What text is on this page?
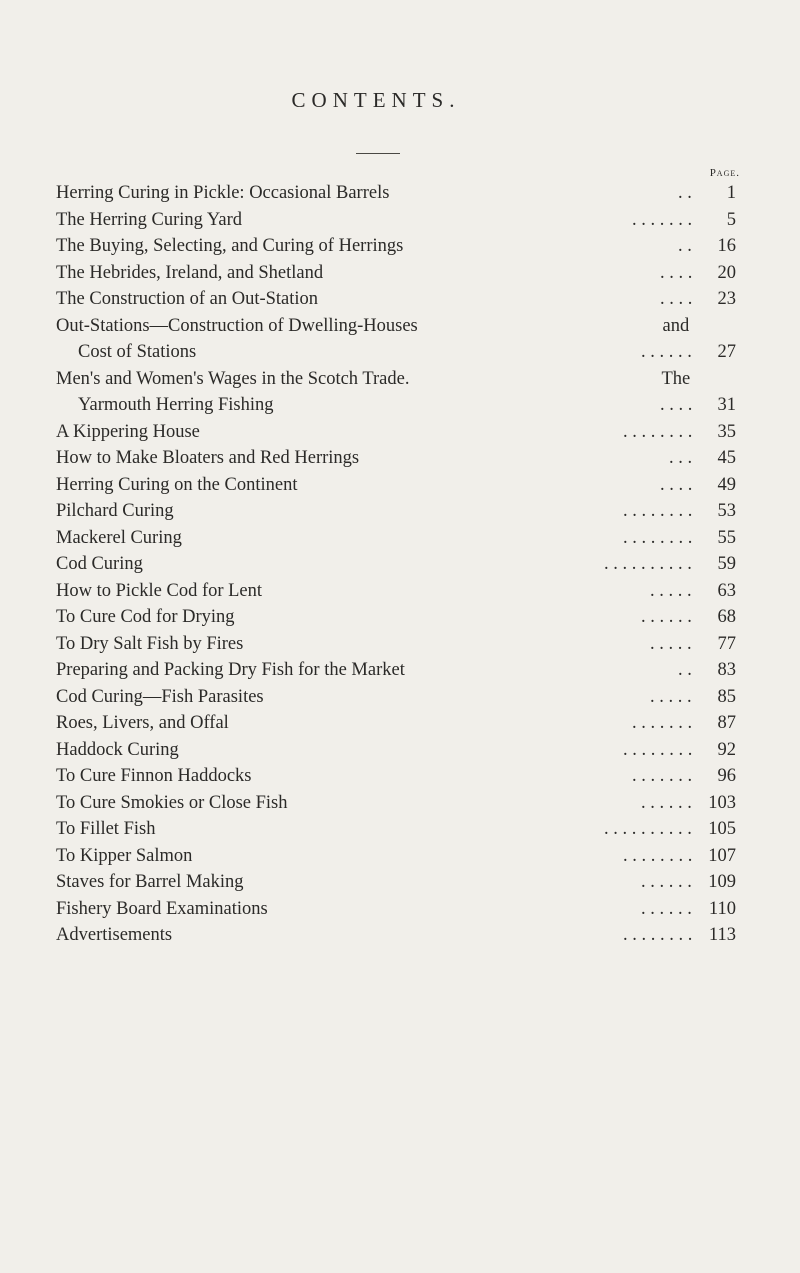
CONTENTS.
Page.
Herring Curing in Pickle: Occasional Barrels	. .	1
The Herring Curing Yard	. . . . . . .	5
The Buying, Selecting, and Curing of Herrings	. .	16
The Hebrides, Ireland, and Shetland	. . . .	20
The Construction of an Out-Station	. . . .	23
Out-Stations—Construction of Dwelling-Houses	and
Cost of Stations	. . . . . .	27
Men's and Women's Wages in the Scotch Trade.	The
Yarmouth Herring Fishing	. . . .	31
A Kippering House	. . . . . . . .	35
How to Make Bloaters and Red Herrings	. . .	45
Herring Curing on the Continent	. . . .	49
Pilchard Curing	. . . . . . . .	53
Mackerel Curing	. . . . . . . .	55
Cod Curing	. . . . . . . . . .	59
How to Pickle Cod for Lent	. . . . .	63
To Cure Cod for Drying	. . . . . .	68
To Dry Salt Fish by Fires	. . . . .	77
Preparing and Packing Dry Fish for the Market	. .	83
Cod Curing—Fish Parasites	. . . . .	85
Roes, Livers, and Offal	. . . . . . .	87
Haddock Curing	. . . . . . . .	92
To Cure Finnon Haddocks	. . . . . . .	96
To Cure Smokies or Close Fish	. . . . . . 103
To Fillet Fish	. . . . . . . . . . 105
To Kipper Salmon	. . . . . . . . 107
Staves for Barrel Making	. . . . . . 109
Fishery Board Examinations	. . . . . . 110
Advertisements	. . . . . . . . 113
